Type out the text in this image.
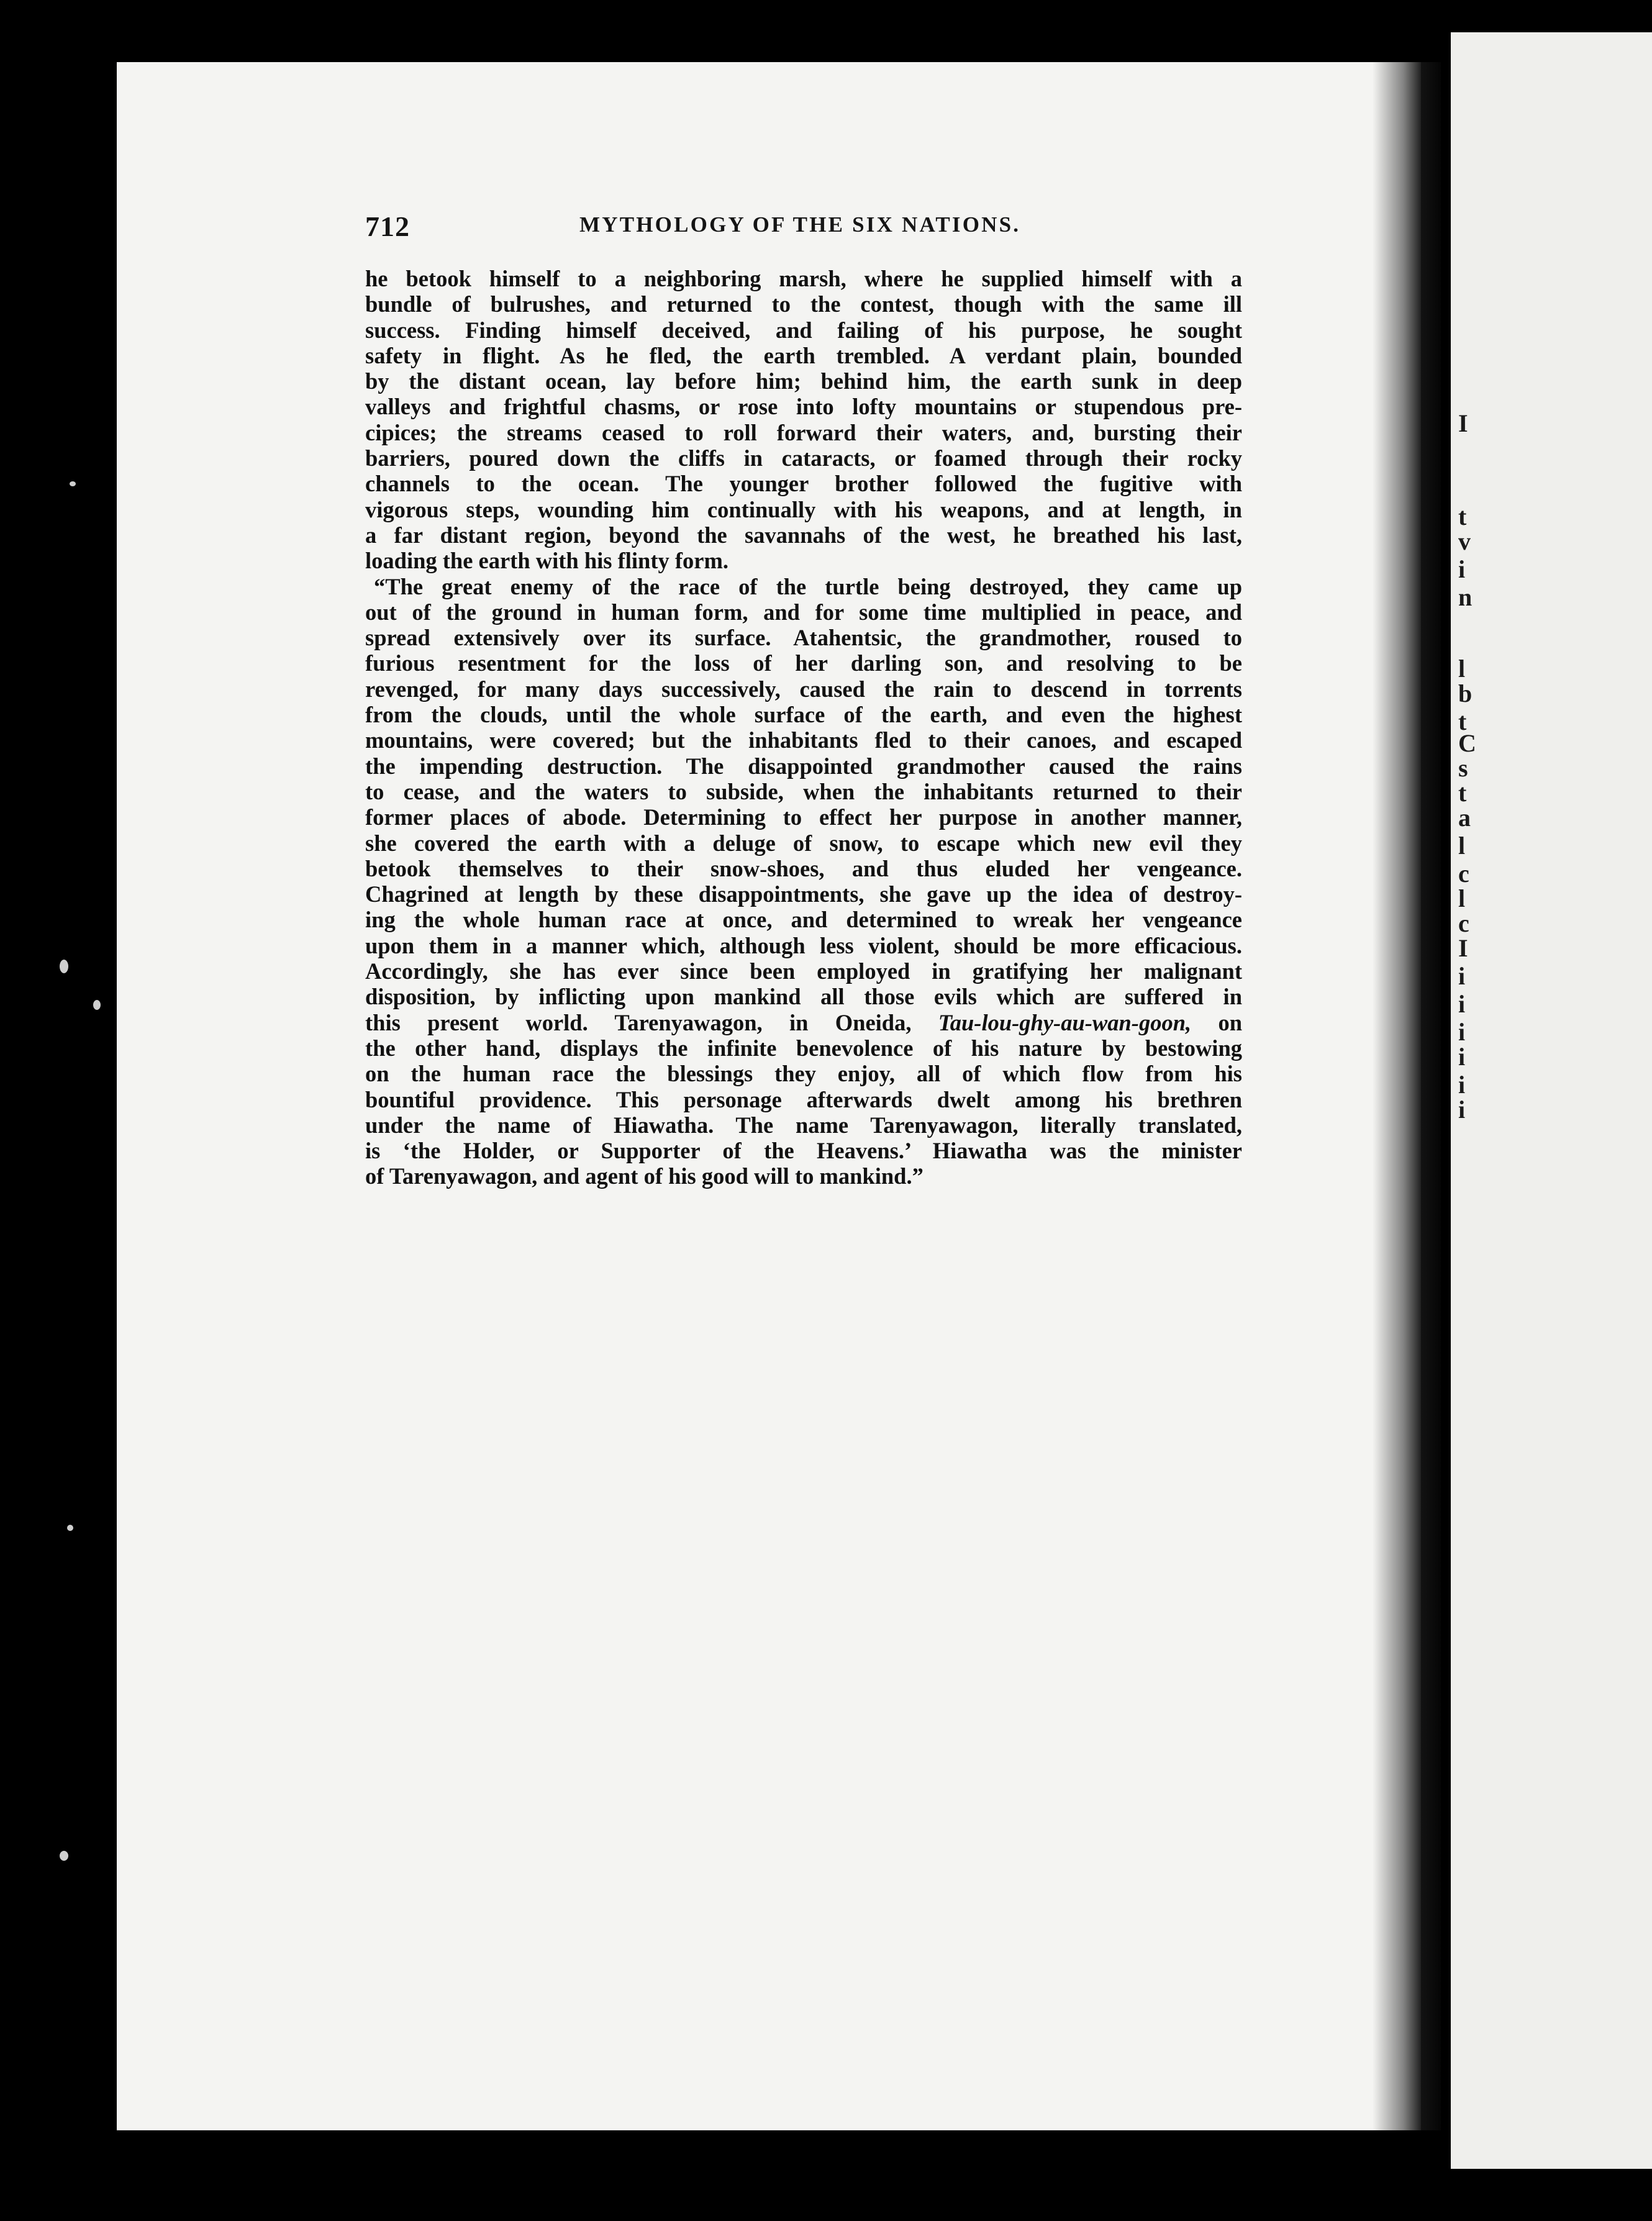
I
t
v
i
n
l
b
t
C
s
t
a
l
c
l
c
I
i
i
i
i
i
i
712	MYTHOLOGY OF THE SIX NATIONS.
he betook himself to a neighboring marsh, where he supplied himself with a
bundle of bulrushes, and returned to the contest, though with the same ill
success. Finding himself deceived, and failing of his purpose, he sought
safety in flight. As he fled, the earth trembled. A verdant plain, bounded
by the distant ocean, lay before him; behind him, the earth sunk in deep
valleys and frightful chasms, or rose into lofty mountains or stupendous pre-
cipices; the streams ceased to roll forward their waters, and, bursting their
barriers, poured down the cliffs in cataracts, or foamed through their rocky
channels to the ocean. The younger brother followed the fugitive with
vigorous steps, wounding him continually with his weapons, and at length, in
a far distant region, beyond the savannahs of the west, he breathed his last,
loading the earth with his flinty form.
“The great enemy of the race of the turtle being destroyed, they came up
out of the ground in human form, and for some time multiplied in peace, and
spread extensively over its surface. Atahentsic, the grandmother, roused to
furious resentment for the loss of her darling son, and resolving to be
revenged, for many days successively, caused the rain to descend in torrents
from the clouds, until the whole surface of the earth, and even the highest
mountains, were covered; but the inhabitants fled to their canoes, and escaped
the impending destruction. The disappointed grandmother caused the rains
to cease, and the waters to subside, when the inhabitants returned to their
former places of abode. Determining to effect her purpose in another manner,
she covered the earth with a deluge of snow, to escape which new evil they
betook themselves to their snow-shoes, and thus eluded her vengeance.
Chagrined at length by these disappointments, she gave up the idea of destroy-
ing the whole human race at once, and determined to wreak her vengeance
upon them in a manner which, although less violent, should be more efficacious.
Accordingly, she has ever since been employed in gratifying her malignant
disposition, by inflicting upon mankind all those evils which are suffered in
this present world. Tarenyawagon, in Oneida, Tau-lou-ghy-au-wan-goon, on
the other hand, displays the infinite benevolence of his nature by bestowing
on the human race the blessings they enjoy, all of which flow from his
bountiful providence. This personage afterwards dwelt among his brethren
under the name of Hiawatha. The name Tarenyawagon, literally translated,
is ‘the Holder, or Supporter of the Heavens.’ Hiawatha was the minister
of Tarenyawagon, and agent of his good will to mankind.”
